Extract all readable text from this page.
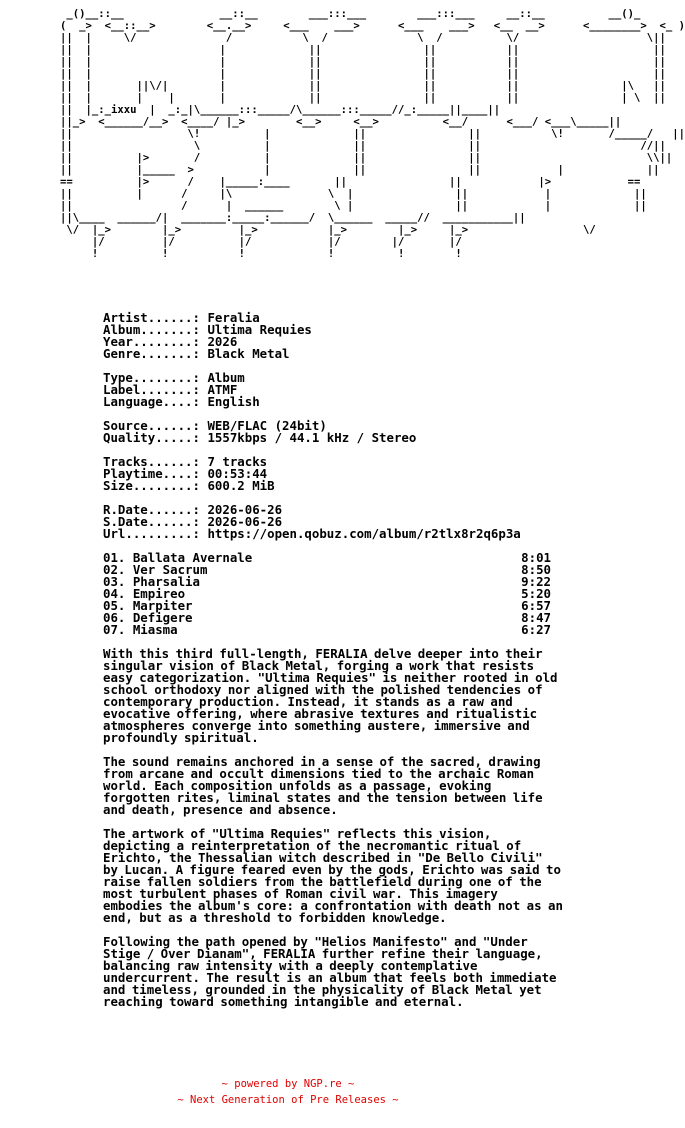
_()__::__               __::__        ___:::___        ___:::___     __::__          __()_
(  _>  <__::__>        <__.__>     <___    ___>      <___    ___>   <__  __>      <________>  <_ )
||  |     \/              /           \  /              \  /          \/                    \||
||  |                    |             ||                ||           ||                     ||
||  |                    |             ||                ||           ||                     ||
||  |                    |             ||                ||           ||                     ||
||  |       ||\/|        |             ||                ||           ||                |\   ||
||  |       |    |       |             ||                ||           ||                | \  ||
||  |_:_ixxu  |  _:_|\______:::_____/\______:::_____//_:_____||____||
||_>  <______/__>  <____/ |_>        <__>     <__>          <__/      <___/ <___\_____||
||                  \!          |             ||                ||           \!       /_____/   ||
||                   \          |             ||                ||                         //||
||          |>       /          |             ||                ||                          \\||
||          |_____  >           |             ||                ||            |             ||
==          |>      /    |_____:____       ||                ||            |>            ==
||          |      /     |\               \  |                ||            |             ||
||                 /      |  ______        \ |                ||            |             ||
||\____  ______/|  _______:_____:______/  \______  _____//  ___________||
\/  |_>        |_>         |_>           |_>        |_>     |_>                  \/
|/         |/          |/            |/        |/       |/
!          !           !             !          !        !
Artist......: Feralia
Album.......: Ultima Requies
Year........: 2026
Genre.......: Black Metal
Type........: Album
Label.......: ATMF
Language....: English
Source......: WEB/FLAC (24bit)
Quality.....: 1557kbps / 44.1 kHz / Stereo
Tracks......: 7 tracks
Playtime....: 00:53:44
Size........: 600.2 MiB
R.Date......: 2026-06-26
S.Date......: 2026-06-26
Url.........: https://open.qobuz.com/album/r2tlx8r2q6p3a
01. Ballata Avernale	8:01
02. Ver Sacrum	8:50
03. Pharsalia	9:22
04. Empireo	5:20
05. Marpiter	6:57
06. Defigere	8:47
07. Miasma	6:27
With this third full-length, FERALIA delve deeper into their singular vision of Black Metal, forging a work that resists easy categorization. "Ultima Requies" is neither rooted in old school orthodoxy nor aligned with the polished tendencies of contemporary production. Instead, it stands as a raw and evocative offering, where abrasive textures and ritualistic atmospheres converge into something austere, immersive and profoundly spiritual.
The sound remains anchored in a sense of the sacred, drawing from arcane and occult dimensions tied to the archaic Roman world. Each composition unfolds as a passage, evoking forgotten rites, liminal states and the tension between life and death, presence and absence.
The artwork of "Ultima Requies" reflects this vision, depicting a reinterpretation of the necromantic ritual of Erichto, the Thessalian witch described in "De Bello Civili" by Lucan. A figure feared even by the gods, Erichto was said to raise fallen soldiers from the battlefield during one of the most turbulent phases of Roman civil war. This imagery embodies the album's core: a confrontation with death not as an end, but as a threshold to forbidden knowledge.
Following the path opened by "Helios Manifesto" and "Under Stige / Over Dianam", FERALIA further refine their language, balancing raw intensity with a deeply contemplative undercurrent. The result is an album that feels both immediate and timeless, grounded in the physicality of Black Metal yet reaching toward something intangible and eternal.
~ powered by NGP.re ~
~ Next Generation of Pre Releases ~
